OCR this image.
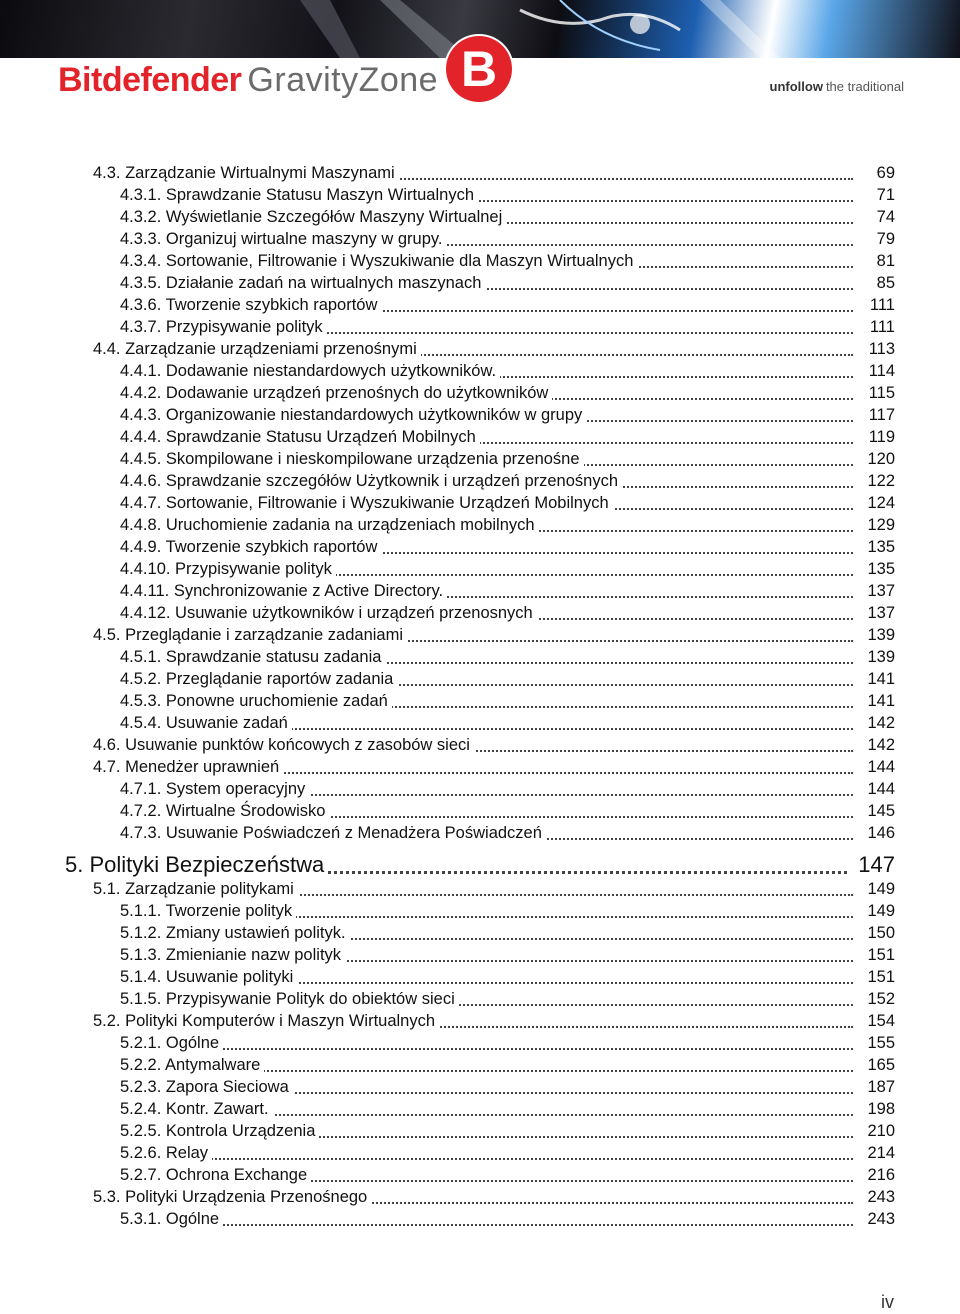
B
Bitdefender GravityZone	unfollow the traditional
4.3. Zarządzanie Wirtualnymi Maszynami	69
4.3.1. Sprawdzanie Statusu Maszyn Wirtualnych	71
4.3.2. Wyświetlanie Szczegółów Maszyny Wirtualnej	74
4.3.3. Organizuj wirtualne maszyny w grupy.	79
4.3.4. Sortowanie, Filtrowanie i Wyszukiwanie dla Maszyn Wirtualnych	81
4.3.5. Działanie zadań na wirtualnych maszynach	85
4.3.6. Tworzenie szybkich raportów	111
4.3.7. Przypisywanie polityk	111
4.4. Zarządzanie urządzeniami przenośnymi	113
4.4.1. Dodawanie niestandardowych użytkowników.	114
4.4.2. Dodawanie urządzeń przenośnych do użytkowników	115
4.4.3. Organizowanie niestandardowych użytkowników w grupy	117
4.4.4. Sprawdzanie Statusu Urządzeń Mobilnych	119
4.4.5. Skompilowane i nieskompilowane urządzenia przenośne	120
4.4.6. Sprawdzanie szczegółów Użytkownik i urządzeń przenośnych	122
4.4.7. Sortowanie, Filtrowanie i Wyszukiwanie Urządzeń Mobilnych	124
4.4.8. Uruchomienie zadania na urządzeniach mobilnych	129
4.4.9. Tworzenie szybkich raportów	135
4.4.10. Przypisywanie polityk	135
4.4.11. Synchronizowanie z Active Directory.	137
4.4.12. Usuwanie użytkowników i urządzeń przenosnych	137
4.5. Przeglądanie i zarządzanie zadaniami	139
4.5.1. Sprawdzanie statusu zadania	139
4.5.2. Przeglądanie raportów zadania	141
4.5.3. Ponowne uruchomienie zadań	141
4.5.4. Usuwanie zadań	142
4.6. Usuwanie punktów końcowych z zasobów sieci	142
4.7. Menedżer uprawnień	144
4.7.1. System operacyjny	144
4.7.2. Wirtualne Środowisko	145
4.7.3. Usuwanie Poświadczeń z Menadżera Poświadczeń	146
5. Polityki Bezpieczeństwa	147
5.1. Zarządzanie politykami	149
5.1.1. Tworzenie polityk	149
5.1.2. Zmiany ustawień polityk.	150
5.1.3. Zmienianie nazw polityk	151
5.1.4. Usuwanie polityki	151
5.1.5. Przypisywanie Polityk do obiektów sieci	152
5.2. Polityki Komputerów i Maszyn Wirtualnych	154
5.2.1. Ogólne	155
5.2.2. Antymalware	165
5.2.3. Zapora Sieciowa	187
5.2.4. Kontr. Zawart.	198
5.2.5. Kontrola Urządzenia	210
5.2.6. Relay	214
5.2.7. Ochrona Exchange	216
5.3. Polityki Urządzenia Przenośnego	243
5.3.1. Ogólne	243
iv
